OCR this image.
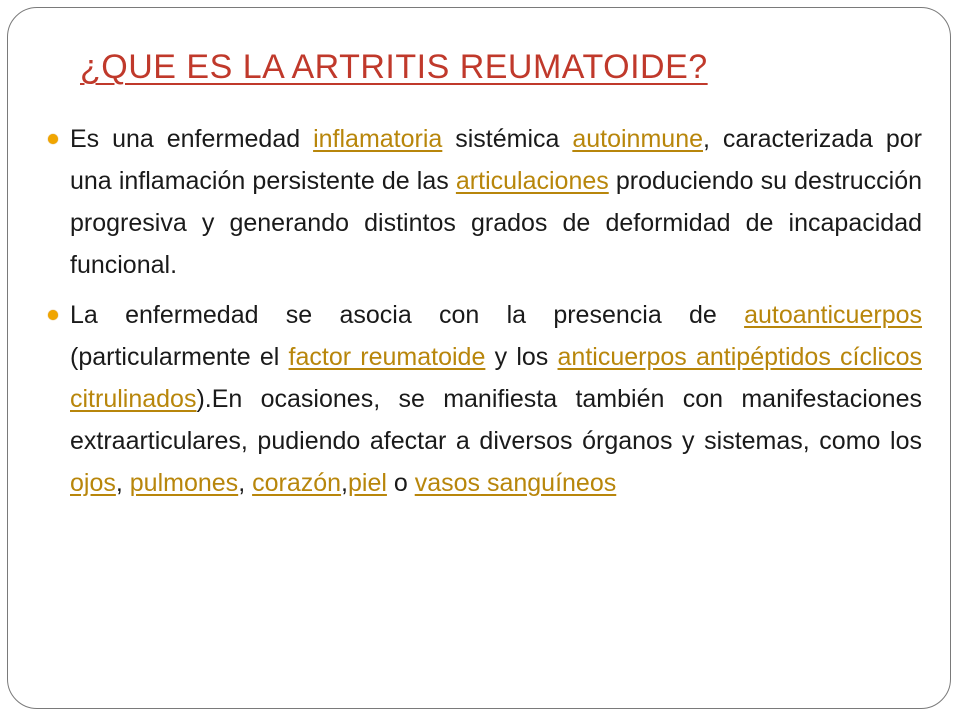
¿QUE ES LA ARTRITIS REUMATOIDE?
Es una enfermedad inflamatoria sistémica autoinmune, caracterizada por una inflamación persistente de las articulaciones produciendo su destrucción progresiva y generando distintos grados de deformidad de incapacidad funcional.
La enfermedad se asocia con la presencia de autoanticuerpos (particularmente el factor reumatoide y los anticuerpos antipéptidos cíclicos citrulinados).En ocasiones, se manifiesta también con manifestaciones extraarticulares, pudiendo afectar a diversos órganos y sistemas, como los ojos, pulmones, corazón,piel o vasos sanguíneos
